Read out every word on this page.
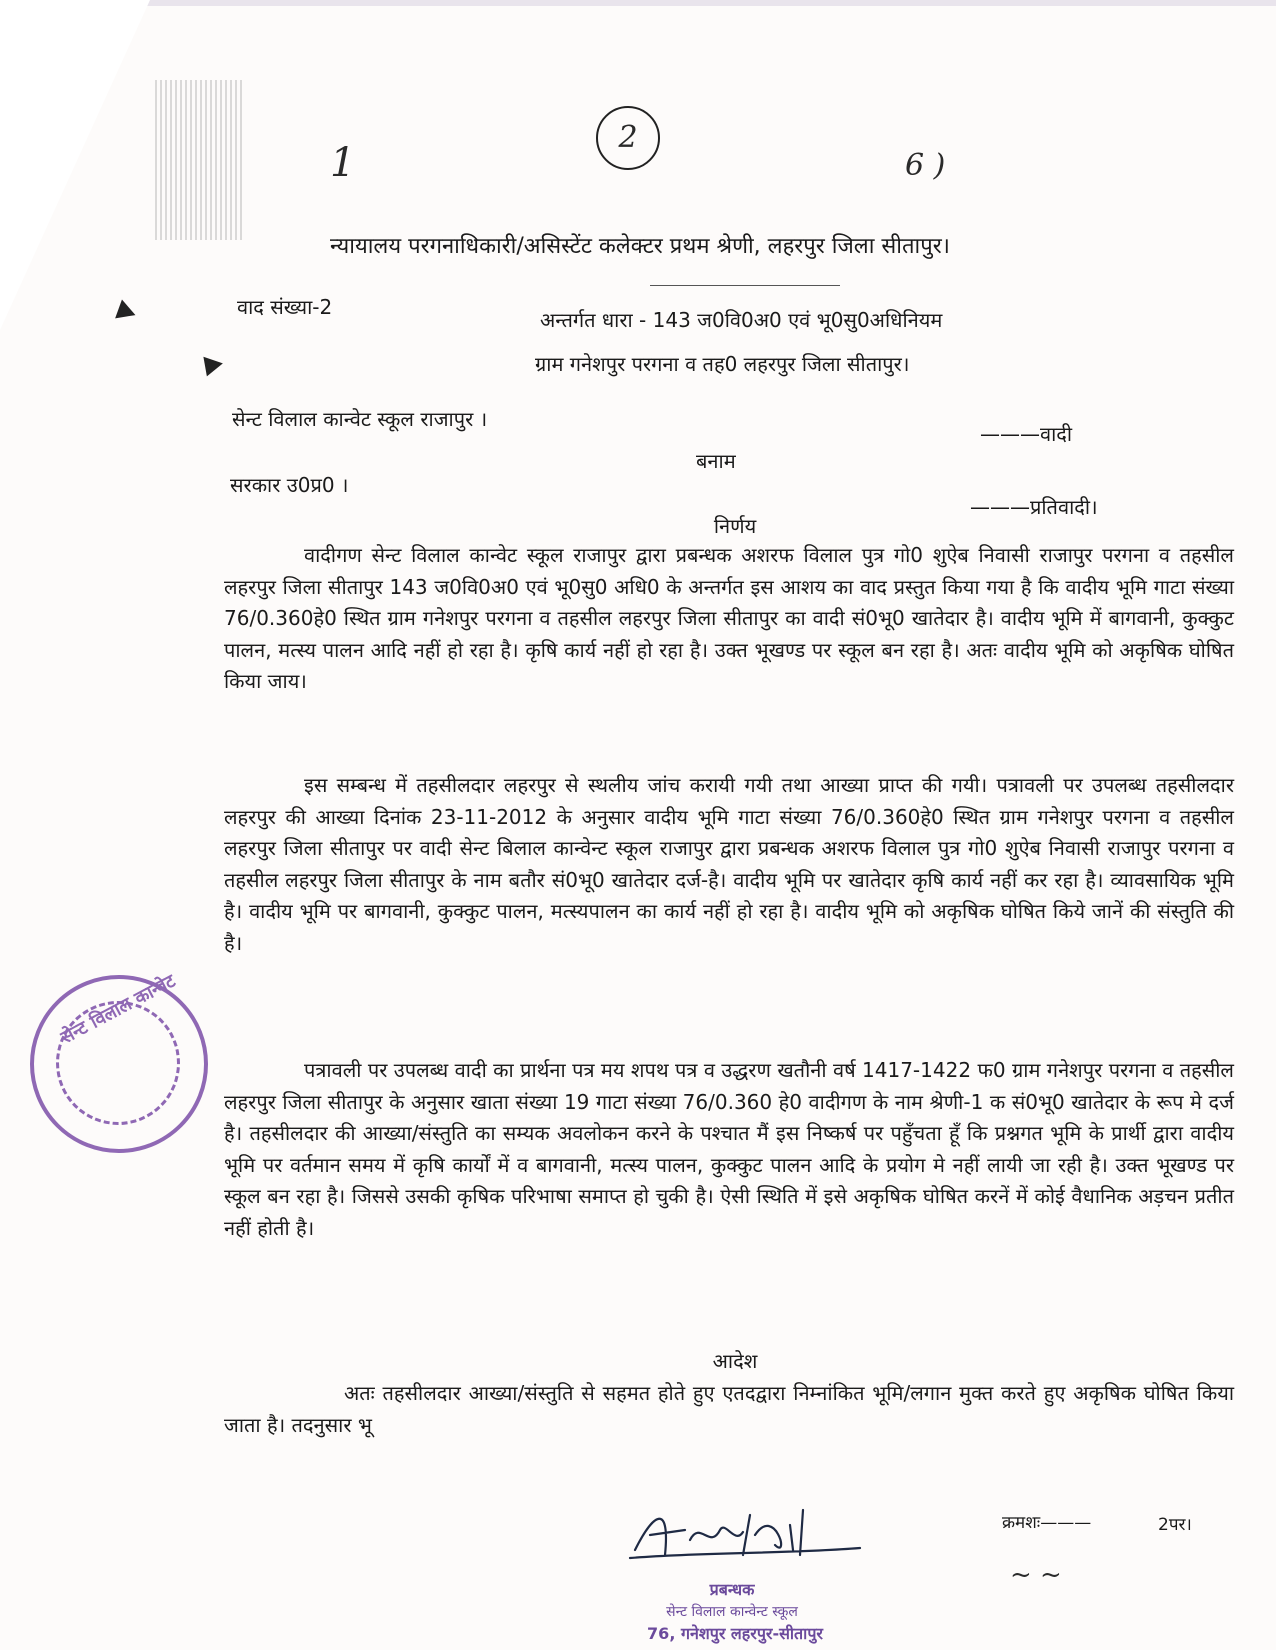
2
1	6 )
न्यायालय परगनाधिकारी/असिस्टेंट कलेक्टर प्रथम श्रेणी, लहरपुर जिला सीतापुर।
वाद संख्या-2
अन्तर्गत धारा - 143 ज0वि0अ0 एवं भू0सु0अधिनियम
ग्राम गनेशपुर परगना व तह0 लहरपुर जिला सीतापुर।
सेन्ट विलाल कान्वेट स्कूल राजापुर ।
———वादी
बनाम
सरकार उ0प्र0 ।
———प्रतिवादी।
निर्णय

वादीगण सेन्ट विलाल कान्वेट स्कूल राजापुर द्वारा प्रबन्धक अशरफ विलाल पुत्र गो0 शुऐब निवासी राजापुर परगना व तहसील लहरपुर जिला सीतापुर 143 ज0वि0अ0 एवं भू0सु0 अधि0 के अन्तर्गत इस आशय का वाद प्रस्तुत किया गया है कि वादीय भूमि गाटा संख्या 76/0.360हे0 स्थित ग्राम गनेशपुर परगना व तहसील लहरपुर जिला सीतापुर का वादी सं0भू0 खातेदार है। वादीय भूमि में बागवानी, कुक्कुट पालन, मत्स्य पालन आदि नहीं हो रहा है। कृषि कार्य नहीं हो रहा है। उक्त भूखण्ड पर स्कूल बन रहा है। अतः वादीय भूमि को अकृषिक घोषित किया जाय।

इस सम्बन्ध में तहसीलदार लहरपुर से स्थलीय जांच करायी गयी तथा आख्या प्राप्त की गयी। पत्रावली पर उपलब्ध तहसीलदार लहरपुर की आख्या दिनांक 23-11-2012 के अनुसार वादीय भूमि गाटा संख्या 76/0.360हे0 स्थित ग्राम गनेशपुर परगना व तहसील लहरपुर जिला सीतापुर पर वादी सेन्ट बिलाल कान्वेन्ट स्कूल राजापुर द्वारा प्रबन्धक अशरफ विलाल पुत्र गो0 शुऐब निवासी राजापुर परगना व तहसील लहरपुर जिला सीतापुर के नाम बतौर सं0भू0 खातेदार दर्ज-है। वादीय भूमि पर खातेदार कृषि कार्य नहीं कर रहा है। व्यावसायिक भूमि है। वादीय भूमि पर बागवानी, कुक्कुट पालन, मत्स्यपालन का कार्य नहीं हो रहा है। वादीय भूमि को अकृषिक घोषित किये जानें की संस्तुति की है।

पत्रावली पर उपलब्ध वादी का प्रार्थना पत्र मय शपथ पत्र व उद्धरण खतौनी वर्ष 1417-1422 फ0 ग्राम गनेशपुर परगना व तहसील लहरपुर जिला सीतापुर के अनुसार खाता संख्या 19 गाटा संख्या 76/0.360 हे0 वादीगण के नाम श्रेणी-1 क सं0भू0 खातेदार के रूप मे दर्ज है। तहसीलदार की आख्या/संस्तुति का सम्यक अवलोकन करने के पश्चात मैं इस निष्कर्ष पर पहुँचता हूँ कि प्रश्नगत भूमि के प्रार्थी द्वारा वादीय भूमि पर वर्तमान समय में कृषि कार्यों में व बागवानी, मत्स्य पालन, कुक्कुट पालन आदि के प्रयोग मे नहीं लायी जा रही है। उक्त भूखण्ड पर स्कूल बन रहा है। जिससे उसकी कृषिक परिभाषा समाप्त हो चुकी है। ऐसी स्थिति में इसे अकृषिक घोषित करनें में कोई वैधानिक अड़चन प्रतीत नहीं होती है।

आदेश

अतः तहसीलदार आख्या/संस्तुति से सहमत होते हुए एतदद्वारा निम्नांकित भूमि/लगान मुक्त करते हुए अकृषिक घोषित किया जाता है। तदनुसार भू

सेन्ट विलाल कान्वेट
प्रबन्धक
सेन्ट विलाल कान्वेन्ट स्कूल
76, गनेशपुर लहरपुर-सीतापुर
क्रमशः———	2पर।
~ ~
